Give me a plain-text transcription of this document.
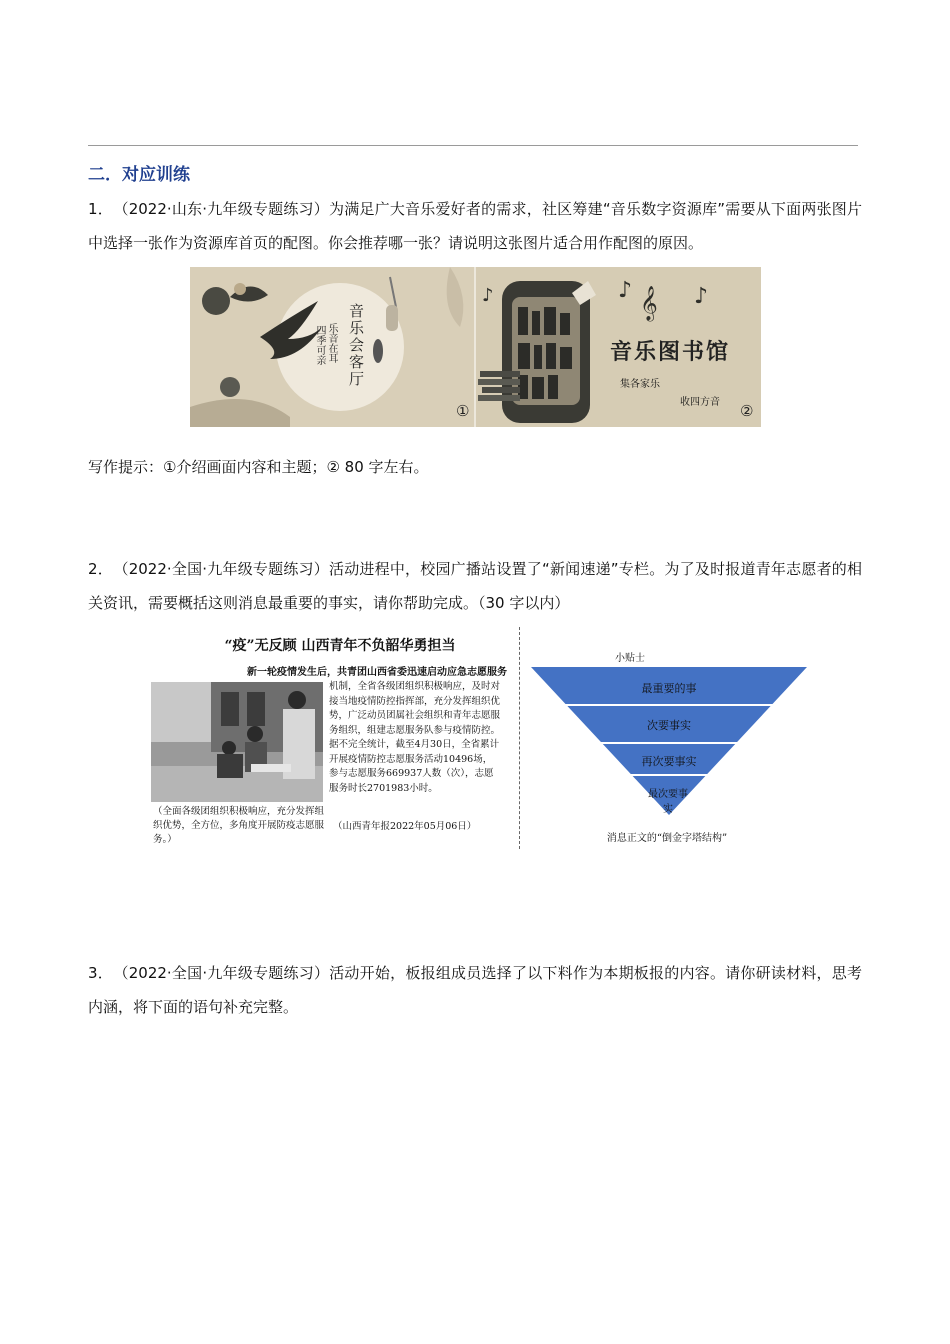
二．对应训练
1． （2022·山东·九年级专题练习）为满足广大音乐爱好者的需求，社区筹建“音乐数字资源库”需要从下面两张图片中选择一张作为资源库首页的配图。你会推荐哪一张？请说明这张图片适合用作配图的原因。
音乐会客厅
乐音在耳
四季可亲
♪	♪ 𝄞 ♪
①
音乐图书馆
集各家乐
收四方音 ②
写作提示：①介绍画面内容和主题；② 80 字左右。
2． （2022·全国·九年级专题练习）活动进程中，校园广播站设置了“新闻速递”专栏。为了及时报道青年志愿者的相关资讯，需要概括这则消息最重要的事实，请你帮助完成。（30 字以内）
“疫”无反顾 山西青年不负韶华勇担当
新一轮疫情发生后，共青团山西省委迅速启动应急志愿服务
机制，全省各级团组织积极响应，及时对接当地疫情防控指挥部，充分发挥组织优势，广泛动员团属社会组织和青年志愿服务组织，组建志愿服务队参与疫情防控。据不完全统计，截至4月30日，全省累计开展疫情防控志愿服务活动10496场，参与志愿服务669937人数（次），志愿服务时长2701983小时。
（全面各级团组织积极响应，充分发挥组织优势，全方位，多角度开展防疫志愿服务。）
（山西青年报2022年05月06日）
小贴士
最重要的事
次要事实
再次要事实
最次要事实
消息正文的“倒金字塔结构”
3． （2022·全国·九年级专题练习）活动开始，板报组成员选择了以下料作为本期板报的内容。请你研读材料，思考内涵，将下面的语句补充完整。
